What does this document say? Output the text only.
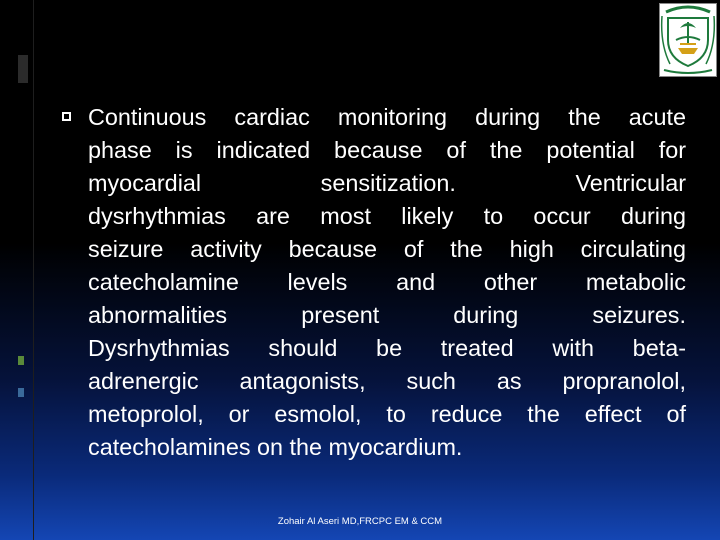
Continuous cardiac monitoring during the acute
phase is indicated because of the potential for
myocardial sensitization. Ventricular
dysrhythmias are most likely to occur during
seizure activity because of the high circulating
catecholamine levels and other metabolic
abnormalities present during seizures.
Dysrhythmias should be treated with beta-
adrenergic antagonists, such as propranolol,
metoprolol, or esmolol, to reduce the effect of
catecholamines on the myocardium.
Zohair Al Aseri MD,FRCPC EM & CCM
